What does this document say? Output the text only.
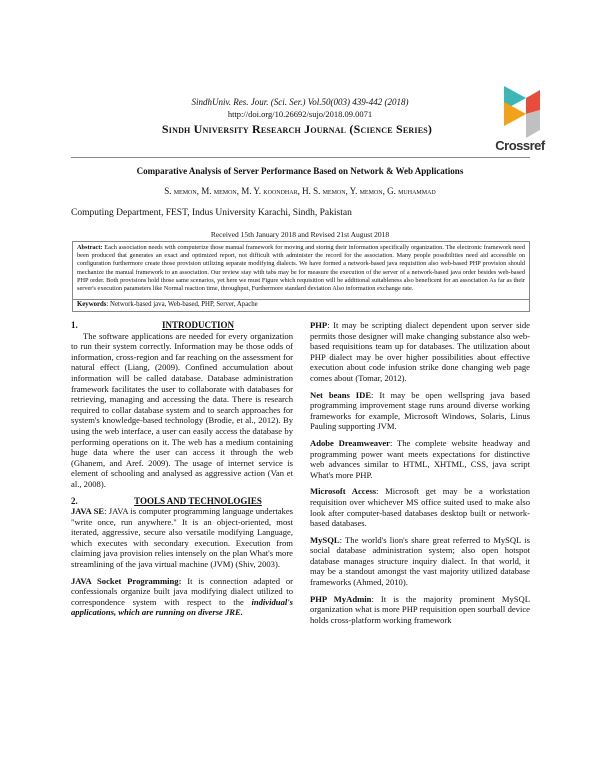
SindhUniv. Res. Jour. (Sci. Ser.) Vol.50(003) 439-442 (2018)
http://doi.org/10.26692/sujo/2018.09.0071
Sindh University Research Journal (Science Series)
Crossref
Comparative Analysis of Server Performance Based on Network & Web Applications
S. memon, M. memon, M. Y. koondhar, H. S. memon, Y. memon, G. muhammad
Computing Department, FEST, Indus University Karachi, Sindh, Pakistan
Received 15th January 2018 and Revised 21st August 2018
Abstract: Each association needs with computerize those manual framework for moving and storing their information specifically organization. The electronic framework need been produced that generates an exact and optimized report, not difficult with administer the record for the association. Many people possibilities need aid accessible on configuration furthermore create those provision utilizing separate modifying dialects. We have formed a network-based java requisition also web-based PHP provision should mechanize the manual framework to an association. Our review stay with tabs may be for measure the execution of the server of a network-based java order besides web-based PHP order. Both provisions hold those same scenarios, yet here we must Figure which requisition will be additional suitableness also beneficent for an association As far as their server's execution parameters like Normal reaction time, throughput, Furthermore standard deviation Also information exchange rate.
Keywords: Network-based java, Web-based, PHP, Server, Apache
1.	INTRODUCTION

The software applications are needed for every organization to run their system correctly. Information may be those odds of information, cross-region and far reaching on the assessment for natural effect (Liang, (2009). Confined accumulation about information will be called database. Database administration framework facilitates the user to collaborate with databases for retrieving, managing and accessing the data. There is research required to collar database system and to search approaches for system's knowledge-based technology (Brodie, et al., 2012). By using the web interface, a user can easily access the database by performing operations on it. The web has a medium containing huge data where the user can access it through the web (Ghanem, and Aref. 2009). The usage of internet service is element of schooling and analysed as aggressive action (Van et al., 2008).

2.	TOOLS AND TECHNOLOGIES

JAVA SE: JAVA is computer programming language undertakes "write once, run anywhere." It is an object-oriented, most iterated, aggressive, secure also versatile modifying Language, which executes with secondary execution. Execution from claiming java provision relies intensely on the plan What's more streamlining of the java virtual machine (JVM) (Shiv, 2003).

JAVA Socket Programming: It is connection adapted or confessionals organize built java modifying dialect utilized to correspondence system with respect to the individual's applications, which are running on diverse JRE.

PHP: It may be scripting dialect dependent upon server side permits those designer will make changing substance also web-based requisitions team up for databases. The utilization about PHP dialect may be over higher possibilities about effective execution about code infusion strike done changing web page comes about (Tomar, 2012).

Net beans IDE: It may be open wellspring java based programming improvement stage runs around diverse working frameworks for example, Microsoft Windows, Solaris, Linus Pauling supporting JVM.

Adobe Dreamweaver: The complete website headway and programming power want meets expectations for distinctive web advances similar to HTML, XHTML, CSS, java script What's more PHP.

Microsoft Access: Microsoft get may be a workstation requisition over whichever MS office suited used to make also look after computer-based databases desktop built or network-based databases.

MySQL: The world's lion's share great referred to MySQL is social database administration system; also open hotspot database manages structure inquiry dialect. In that world, it may be a standout amongst the vast majority utilized database frameworks (Ahmed, 2010).

PHP MyAdmin: It is the majority prominent MySQL organization what is more PHP requisition open sourball device holds cross-platform working framework
